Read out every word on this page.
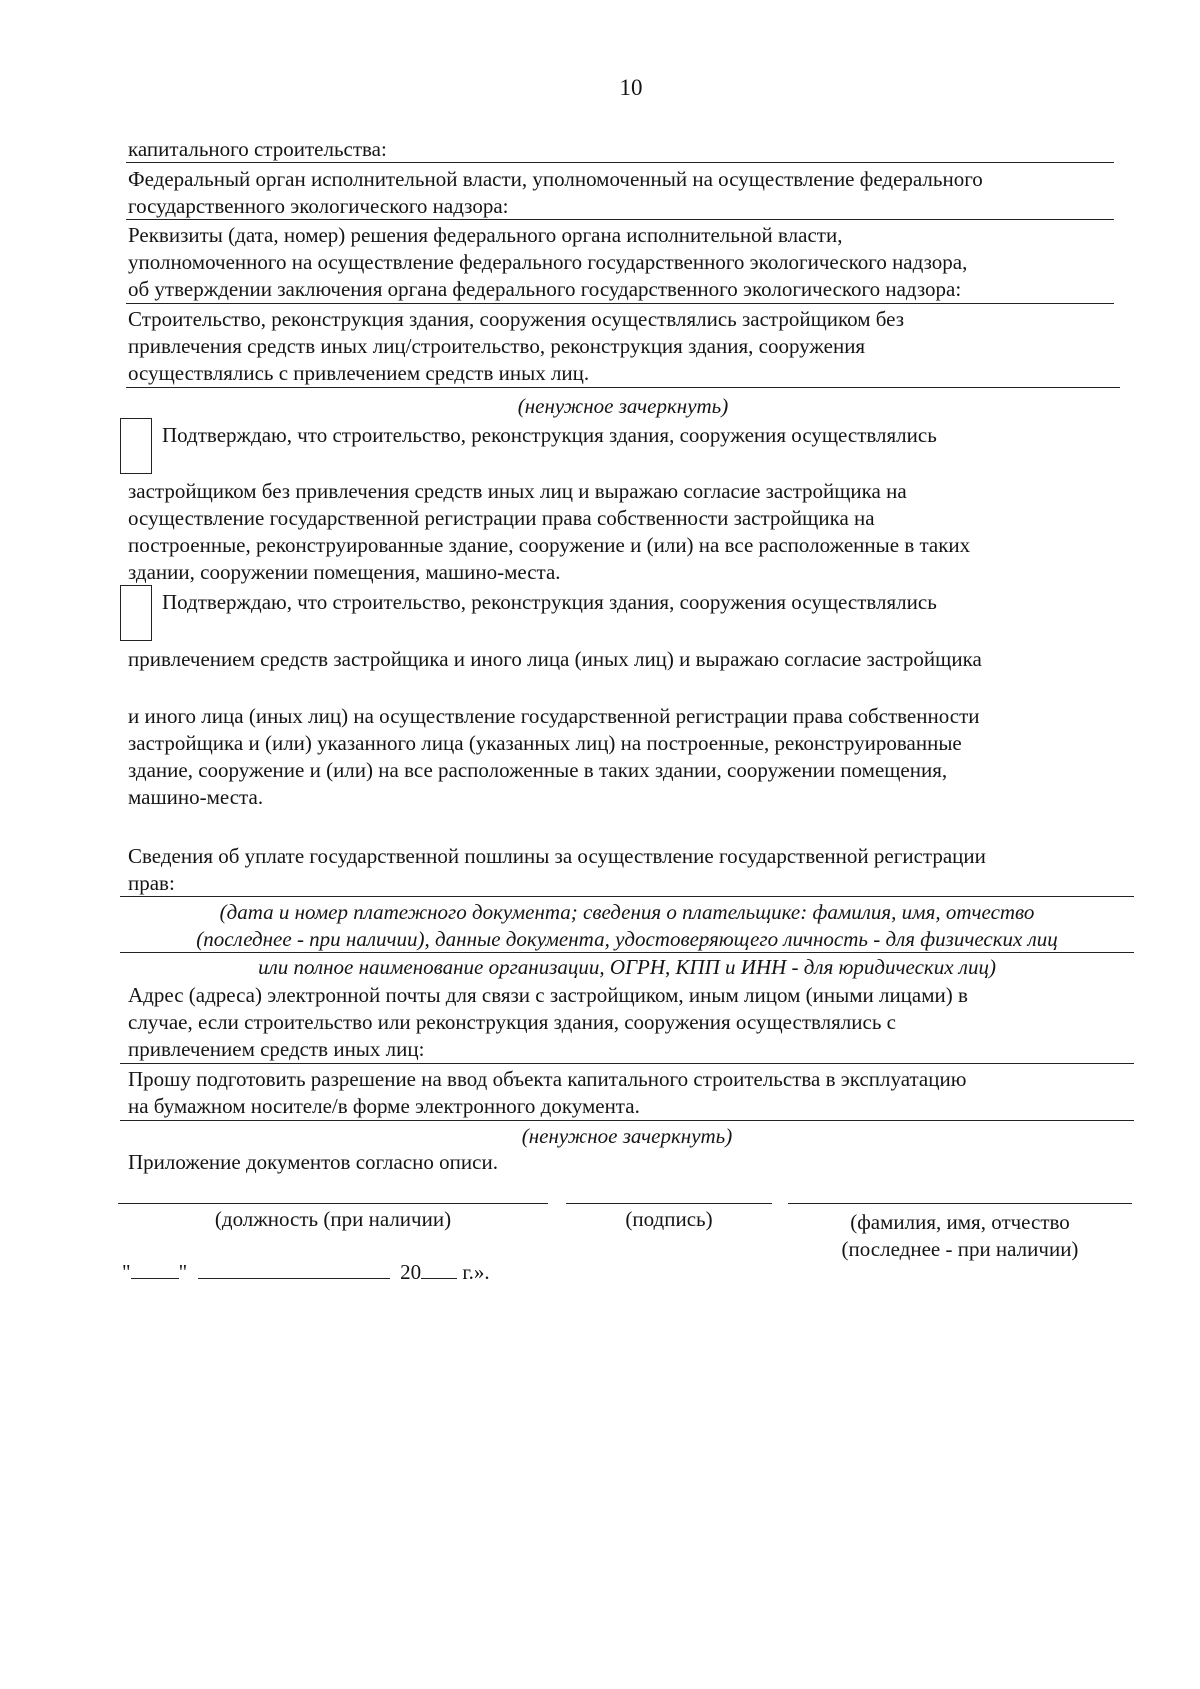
10

капитального строительства:

Федеральный орган исполнительной власти, уполномоченный на осуществление федерального

государственного экологического надзора:

Реквизиты (дата, номер) решения федерального органа исполнительной власти,

уполномоченного на осуществление федерального государственного экологического надзора,

об утверждении заключения органа федерального государственного экологического надзора:

Строительство, реконструкция здания, сооружения осуществлялись застройщиком без

привлечения средств иных лиц/строительство, реконструкция здания, сооружения

осуществлялись с привлечением средств иных лиц.

(ненужное зачеркнуть)
Подтверждаю, что строительство, реконструкция здания, сооружения осуществлялись

застройщиком без привлечения средств иных лиц и выражаю согласие застройщика на

осуществление государственной регистрации права собственности застройщика на

построенные, реконструированные здание, сооружение и (или) на все расположенные в таких

здании, сооружении помещения, машино-места.

Подтверждаю, что строительство, реконструкция здания, сооружения осуществлялись
привлечением средств застройщика и иного лица (иных лиц) и выражаю согласие застройщика

и иного лица (иных лиц) на осуществление государственной регистрации права собственности

застройщика и (или) указанного лица (указанных лиц) на построенные, реконструированные

здание, сооружение и (или) на все расположенные в таких здании, сооружении помещения,

машино-места.

Сведения об уплате государственной пошлины за осуществление государственной регистрации

прав:

(дата и номер платежного документа; сведения о плательщике: фамилия, имя, отчество

(последнее - при наличии), данные документа, удостоверяющего личность - для физических лиц

или полное наименование организации, ОГРН, КПП и ИНН - для юридических лиц)

Адрес (адреса) электронной почты для связи с застройщиком, иным лицом (иными лицами) в

случае, если строительство или реконструкция здания, сооружения осуществлялись с

привлечением средств иных лиц:

Прошу подготовить разрешение на ввод объекта капитального строительства в эксплуатацию

на бумажном носителе/в форме электронного документа.

(ненужное зачеркнуть)
Приложение документов согласно описи.
(должность (при наличии)	(подпись)	(фамилия, имя, отчество
(последнее - при наличии)
" "	20 г.».
